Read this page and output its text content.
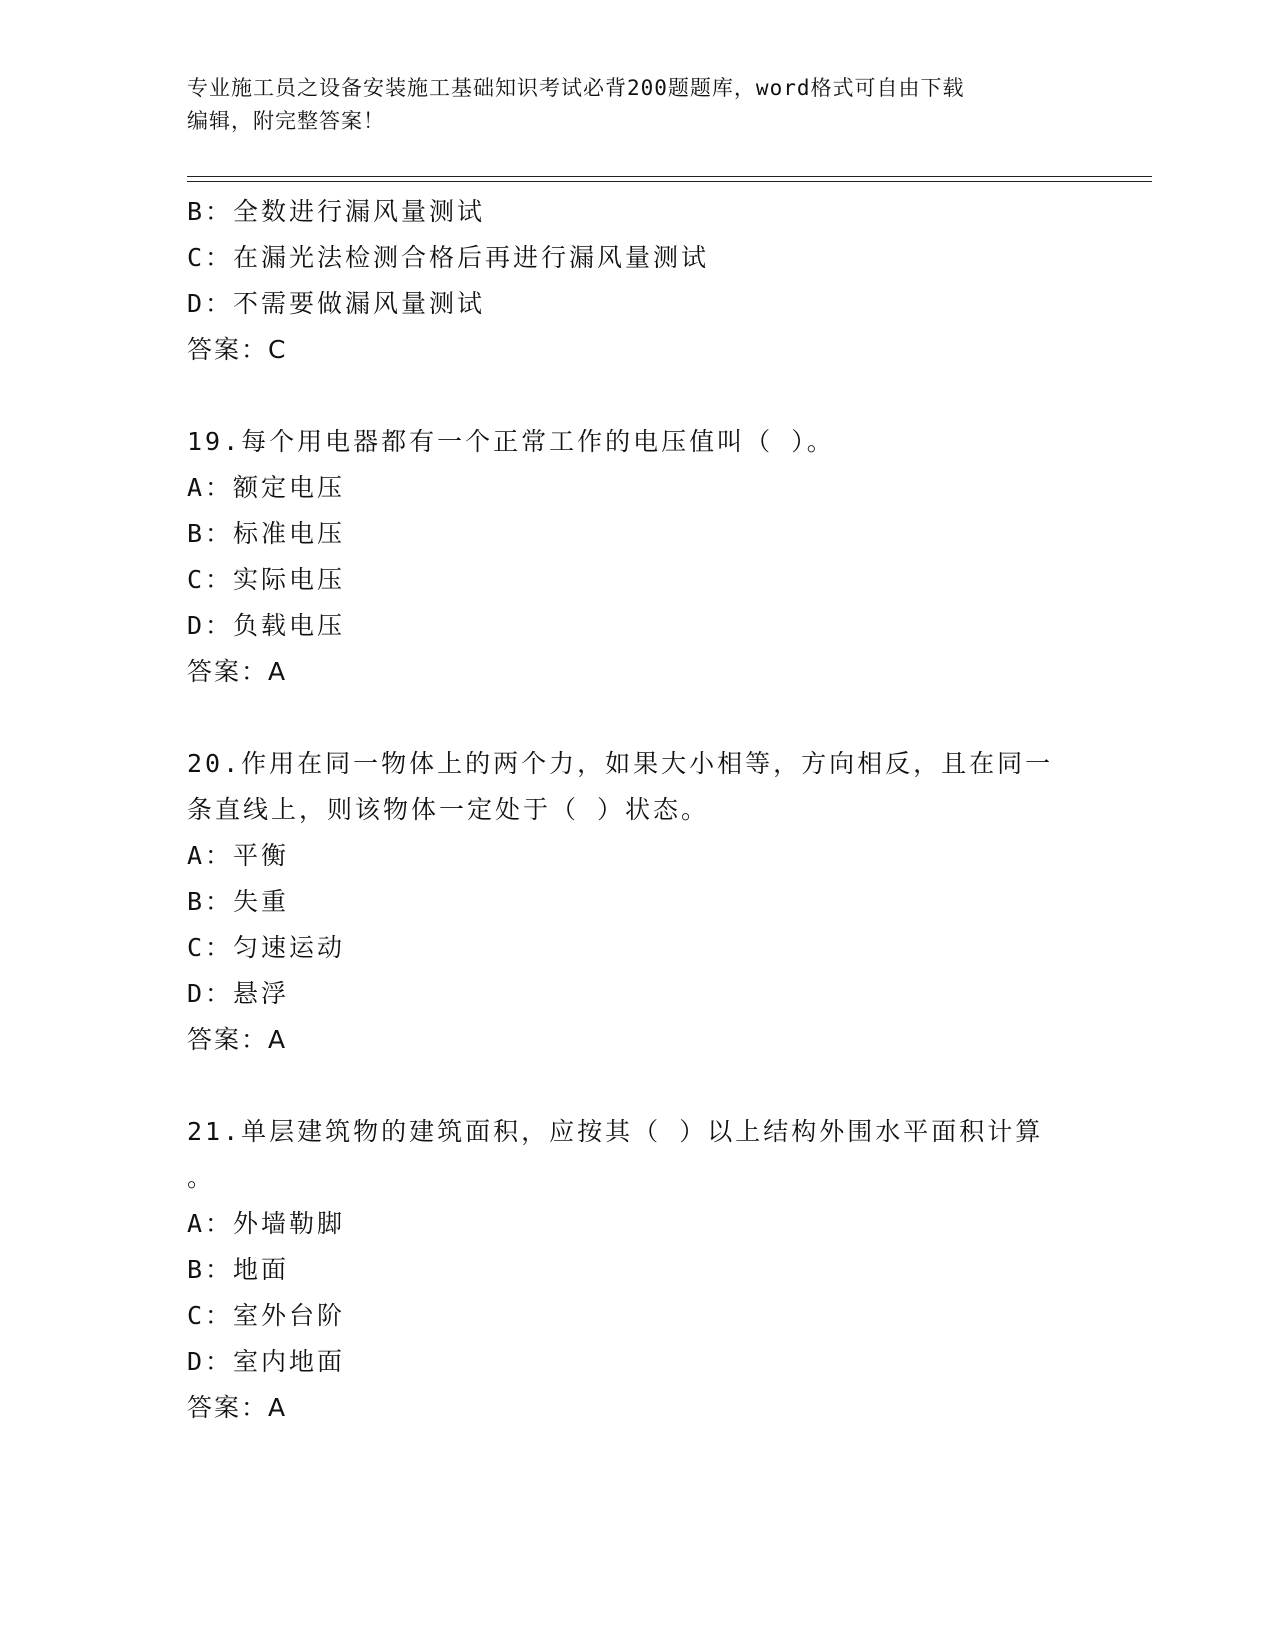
专业施工员之设备安装施工基础知识考试必背200题题库，word格式可自由下载
编辑，附完整答案！
B：全数进行漏风量测试
C：在漏光法检测合格后再进行漏风量测试
D：不需要做漏风量测试
答案：C
19.每个用电器都有一个正常工作的电压值叫（ ）。
A：额定电压
B：标准电压
C：实际电压
D：负载电压
答案：A
20.作用在同一物体上的两个力，如果大小相等，方向相反，且在同一
条直线上，则该物体一定处于（ ）状态。
A：平衡
B：失重
C：匀速运动
D：悬浮
答案：A
21.单层建筑物的建筑面积，应按其（ ）以上结构外围水平面积计算
。
A：外墙勒脚
B：地面
C：室外台阶
D：室内地面
答案：A
